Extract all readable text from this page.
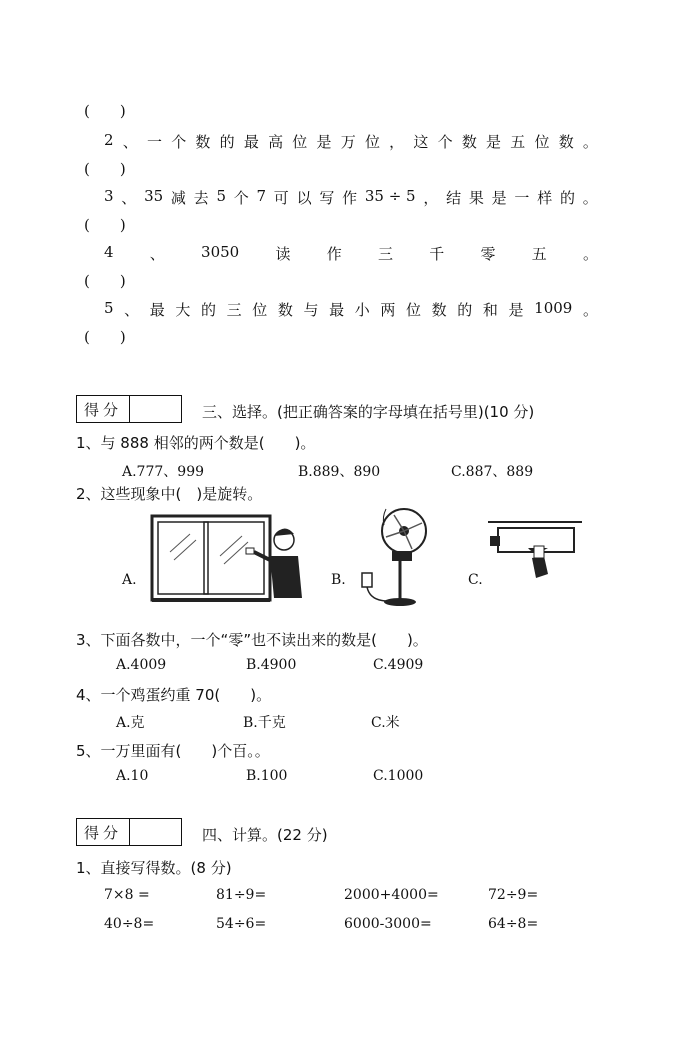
(　　)
2 、 一 个 数 的 最 高 位 是 万 位 ， 这 个 数 是 五 位 数 。
(　　)
3 、 35 减 去 5 个 7 可 以 写 作 35 ÷ 5 ， 结 果 是 一 样 的 。
(　　)
4 、 3050 读 作 三 千 零 五 。
(　　)
5 、 最 大 的 三 位 数 与 最 小 两 位 数 的 和 是 1009 。
(　　)
得分	三、选择。(把正确答案的字母填在括号里)(10 分)
1、与 888 相邻的两个数是(　　)。
A.777、999	B.889、890	C.887、889
2、这些现象中(　)是旋转。
A.	B.	C.
3、下面各数中，一个“零”也不读出来的数是(　　)。
A.4009	B.4900	C.4909
4、一个鸡蛋约重 70(　　)。
A.克	B.千克	C.米
5、一万里面有(　　)个百。。
A.10	B.100	C.1000
得分	四、计算。(22 分)
1、直接写得数。(8 分)
7×8 =	81÷9=	2000+4000=	72÷9=
40÷8=	54÷6=	6000-3000=	64÷8=
